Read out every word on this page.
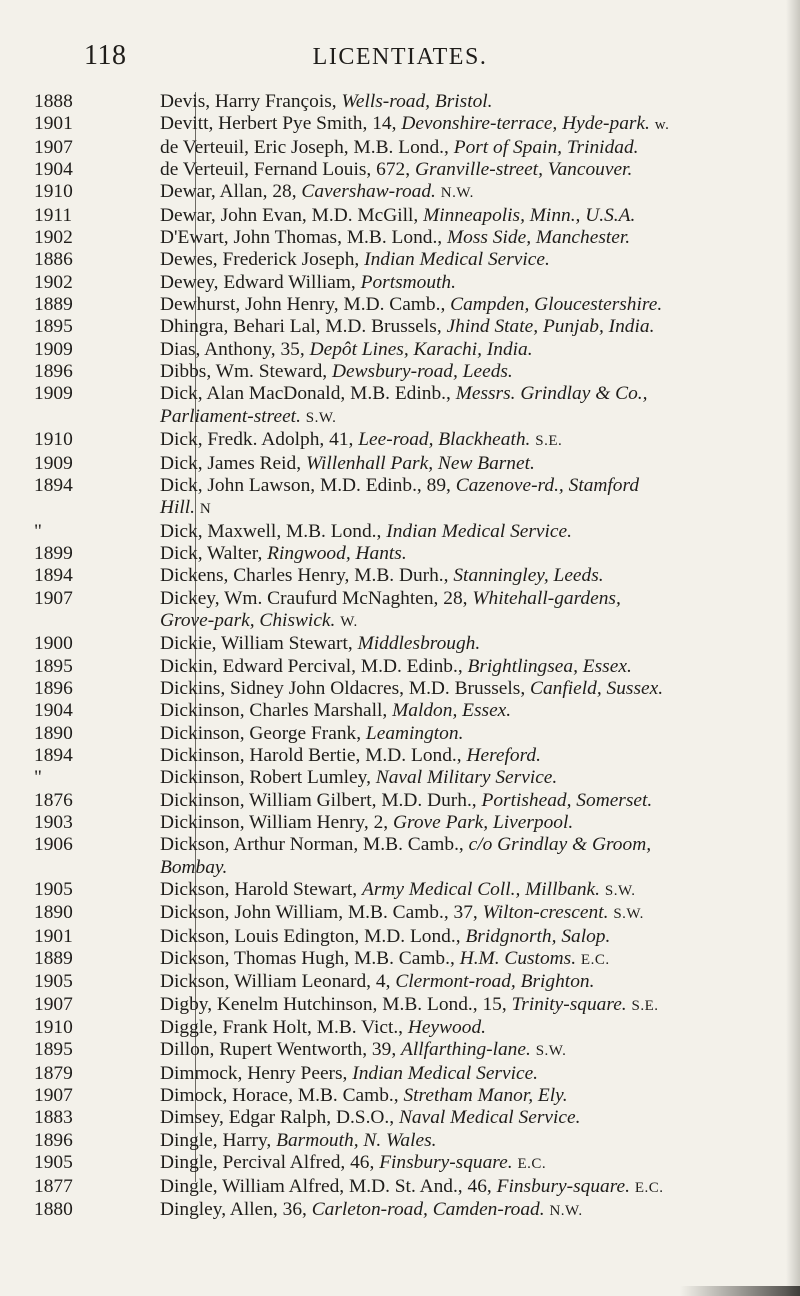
118	LICENTIATES.
1888	Devis, Harry François, Wells-road, Bristol.
1901	Devitt, Herbert Pye Smith, 14, Devonshire-terrace, Hyde-park. w.
1907	de Verteuil, Eric Joseph, M.B. Lond., Port of Spain, Trinidad.
1904	de Verteuil, Fernand Louis, 672, Granville-street, Vancouver.
1910	Dewar, Allan, 28, Cavershaw-road. N.W.
1911	Dewar, John Evan, M.D. McGill, Minneapolis, Minn., U.S.A.
1902	D'Ewart, John Thomas, M.B. Lond., Moss Side, Manchester.
1886	Dewes, Frederick Joseph, Indian Medical Service.
1902	Dewey, Edward William, Portsmouth.
1889	Dewhurst, John Henry, M.D. Camb., Campden, Gloucestershire.
1895	Dhingra, Behari Lal, M.D. Brussels, Jhind State, Punjab, India.
1909	Dias, Anthony, 35, Depôt Lines, Karachi, India.
1896	Dibbs, Wm. Steward, Dewsbury-road, Leeds.
1909	Dick, Alan MacDonald, M.B. Edinb., Messrs. Grindlay & Co.,
Parliament-street. S.W.
1910	Dick, Fredk. Adolph, 41, Lee-road, Blackheath. S.E.
1909	Dick, James Reid, Willenhall Park, New Barnet.
1894	Dick, John Lawson, M.D. Edinb., 89, Cazenove-rd., Stamford
Hill. N
"	Dick, Maxwell, M.B. Lond., Indian Medical Service.
1899	Dick, Walter, Ringwood, Hants.
1894	Dickens, Charles Henry, M.B. Durh., Stanningley, Leeds.
1907	Dickey, Wm. Craufurd McNaghten, 28, Whitehall-gardens,
Grove-park, Chiswick. W.
1900	Dickie, William Stewart, Middlesbrough.
1895	Dickin, Edward Percival, M.D. Edinb., Brightlingsea, Essex.
1896	Dickins, Sidney John Oldacres, M.D. Brussels, Canfield, Sussex.
1904	Dickinson, Charles Marshall, Maldon, Essex.
1890	Dickinson, George Frank, Leamington.
1894	Dickinson, Harold Bertie, M.D. Lond., Hereford.
"	Dickinson, Robert Lumley, Naval Military Service.
1876	Dickinson, William Gilbert, M.D. Durh., Portishead, Somerset.
1903	Dickinson, William Henry, 2, Grove Park, Liverpool.
1906	Dickson, Arthur Norman, M.B. Camb., c/o Grindlay & Groom,
Bombay.
1905	Dickson, Harold Stewart, Army Medical Coll., Millbank. S.W.
1890	Dickson, John William, M.B. Camb., 37, Wilton-crescent. S.W.
1901	Dickson, Louis Edington, M.D. Lond., Bridgnorth, Salop.
1889	Dickson, Thomas Hugh, M.B. Camb., H.M. Customs. E.C.
1905	Dickson, William Leonard, 4, Clermont-road, Brighton.
1907	Digby, Kenelm Hutchinson, M.B. Lond., 15, Trinity-square. S.E.
1910	Diggle, Frank Holt, M.B. Vict., Heywood.
1895	Dillon, Rupert Wentworth, 39, Allfarthing-lane. S.W.
1879	Dimmock, Henry Peers, Indian Medical Service.
1907	Dimock, Horace, M.B. Camb., Stretham Manor, Ely.
1883	Dimsey, Edgar Ralph, D.S.O., Naval Medical Service.
1896	Dingle, Harry, Barmouth, N. Wales.
1905	Dingle, Percival Alfred, 46, Finsbury-square. E.C.
1877	Dingle, William Alfred, M.D. St. And., 46, Finsbury-square. E.C.
1880	Dingley, Allen, 36, Carleton-road, Camden-road. N.W.
